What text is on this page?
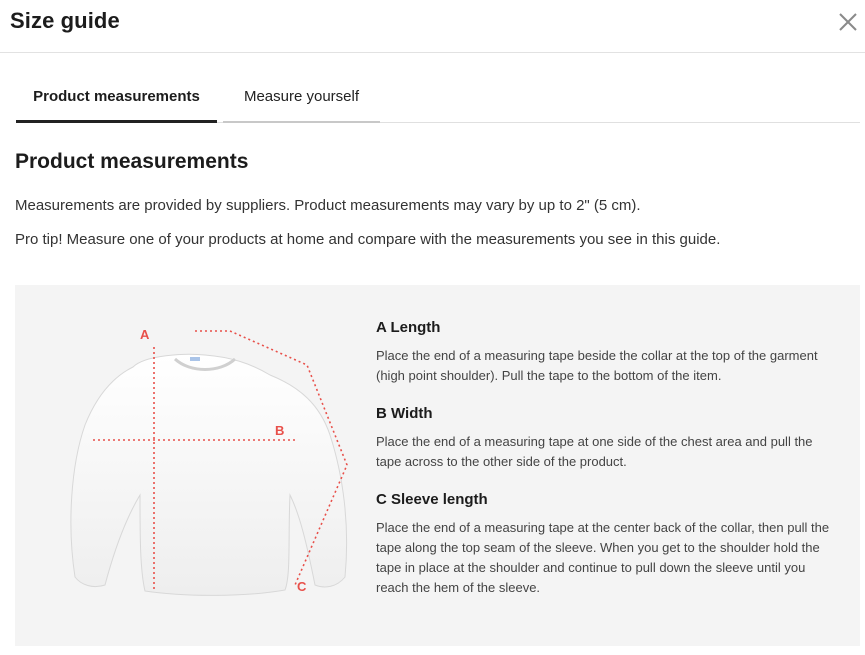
Size guide
Product measurements	Measure yourself
Product measurements
Measurements are provided by suppliers. Product measurements may vary by up to 2" (5 cm).
Pro tip! Measure one of your products at home and compare with the measurements you see in this guide.
A
B
C
A Length

Place the end of a measuring tape beside the collar at the top of the garment (high point shoulder). Pull the tape to the bottom of the item.

B Width

Place the end of a measuring tape at one side of the chest area and pull the tape across to the other side of the product.

C Sleeve length

Place the end of a measuring tape at the center back of the collar, then pull the tape along the top seam of the sleeve. When you get to the shoulder hold the tape in place at the shoulder and continue to pull down the sleeve until you reach the hem of the sleeve.
